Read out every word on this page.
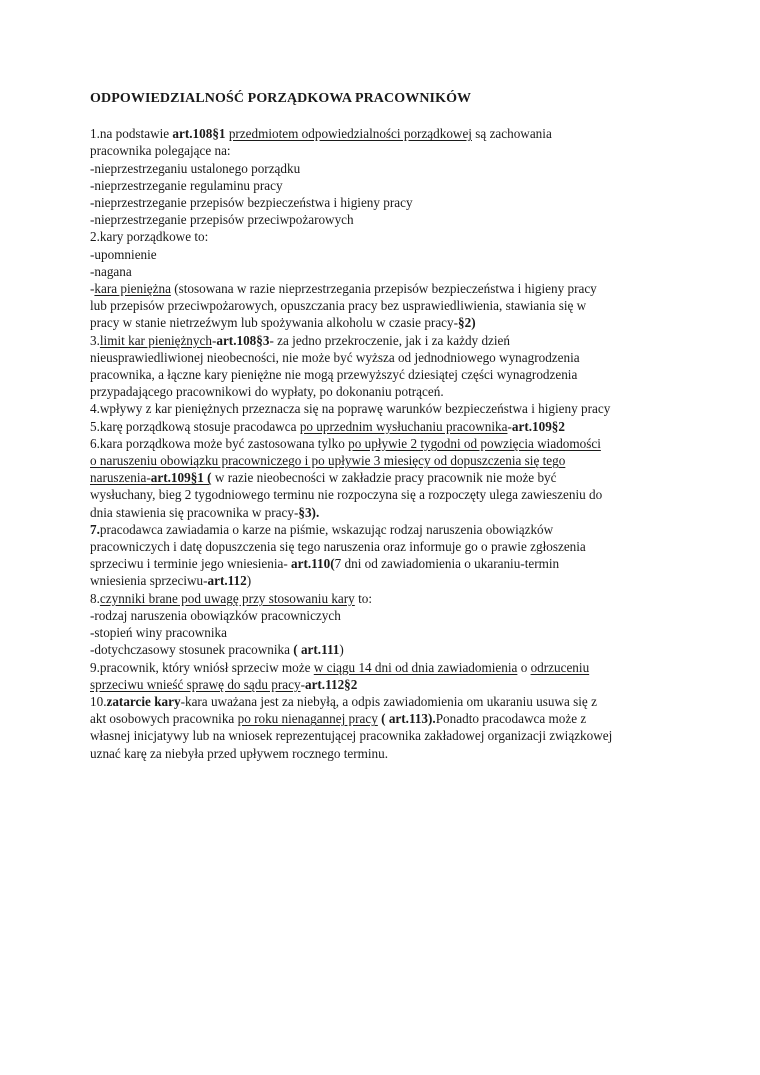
ODPOWIEDZIALNOŚĆ PORZĄDKOWA PRACOWNIKÓW
1.na podstawie art.108§1 przedmiotem odpowiedzialności porządkowej są zachowania
pracownika polegające na:
-nieprzestrzeganiu ustalonego porządku
-nieprzestrzeganie regulaminu pracy
-nieprzestrzeganie przepisów bezpieczeństwa i higieny pracy
-nieprzestrzeganie przepisów przeciwpożarowych
2.kary porządkowe to:
-upomnienie
-nagana
-kara pieniężna (stosowana w razie nieprzestrzegania przepisów bezpieczeństwa i higieny pracy
lub przepisów przeciwpożarowych, opuszczania pracy bez usprawiedliwienia, stawiania się w
pracy w stanie nietrzeźwym lub spożywania alkoholu w czasie pracy-§2)
3.limit kar pieniężnych-art.108§3- za jedno przekroczenie, jak i za każdy dzień
nieusprawiedliwionej nieobecności, nie może być wyższa od jednodniowego wynagrodzenia
pracownika, a łączne kary pieniężne nie mogą przewyższyć dziesiątej części wynagrodzenia
przypadającego pracownikowi do wypłaty, po dokonaniu potrąceń.
4.wpływy z kar pieniężnych przeznacza się na poprawę warunków bezpieczeństwa i higieny pracy
5.karę porządkową stosuje pracodawca po uprzednim wysłuchaniu pracownika-art.109§2
6.kara porządkowa może być zastosowana tylko po upływie 2 tygodni od powzięcia wiadomości
o naruszeniu obowiązku pracowniczego i po upływie 3 miesięcy od dopuszczenia się tego
naruszenia-art.109§1 ( w razie nieobecności w zakładzie pracy pracownik nie może być
wysłuchany, bieg 2 tygodniowego terminu nie rozpoczyna się a rozpoczęty ulega zawieszeniu do
dnia stawienia się pracownika w pracy-§3).
7.pracodawca zawiadamia o karze na piśmie, wskazując rodzaj naruszenia obowiązków
pracowniczych i datę dopuszczenia się tego naruszenia oraz informuje go o prawie zgłoszenia
sprzeciwu i terminie jego wniesienia- art.110(7 dni od zawiadomienia o ukaraniu-termin
wniesienia sprzeciwu-art.112)
8.czynniki brane pod uwagę przy stosowaniu kary to:
-rodzaj naruszenia obowiązków pracowniczych
-stopień winy pracownika
-dotychczasowy stosunek pracownika ( art.111)
9.pracownik, który wniósł sprzeciw może w ciągu 14 dni od dnia zawiadomienia o odrzuceniu
sprzeciwu wnieść sprawę do sądu pracy-art.112§2
10.zatarcie kary-kara uważana jest za niebyłą, a odpis zawiadomienia om ukaraniu usuwa się z
akt osobowych pracownika po roku nienagannej pracy ( art.113).Ponadto pracodawca może z
własnej inicjatywy lub na wniosek reprezentującej pracownika zakładowej organizacji związkowej
uznać karę za niebyła przed upływem rocznego terminu.
